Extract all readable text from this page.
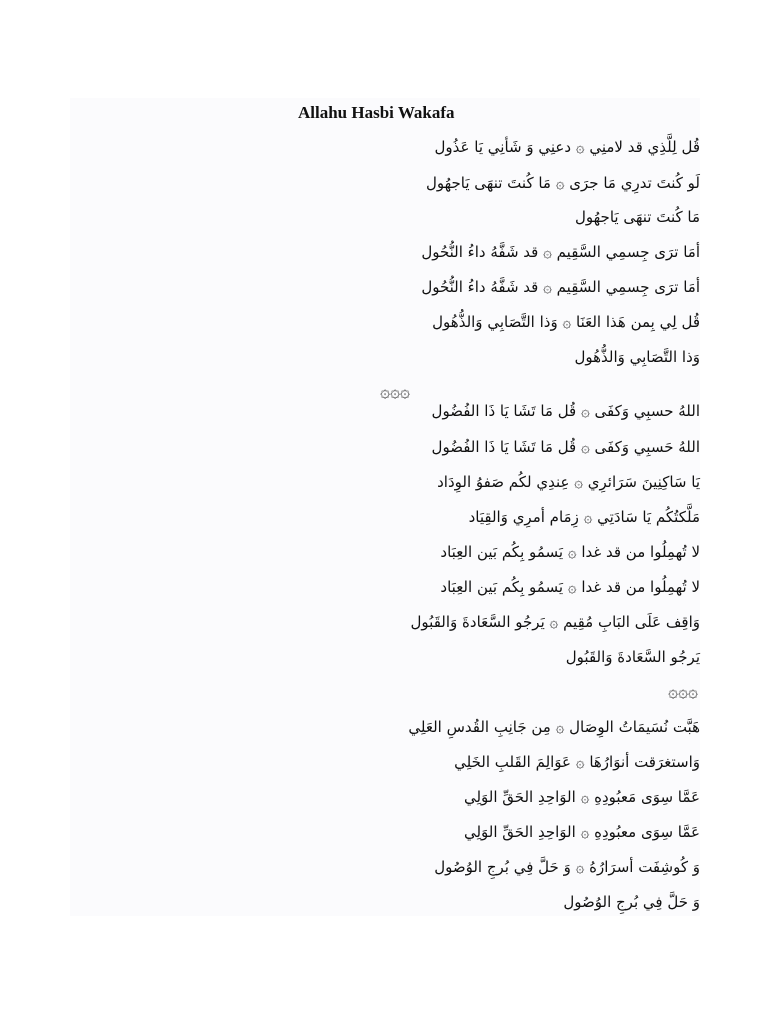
Allahu Hasbi Wakafa
قُل لِلَّذِي قد لامنِي ۞ دعنِي وَ شَأنِي يَا عَذُول
لَو كُنتَ تدرِي مَا جرَى ۞ مَا كُنتَ تنهَى يَاجهُول
مَا كُنتَ تنهَى يَاجهُول
أمَا ترَى جِسمِي السَّقِيم ۞ قد شَفَّهُ داءُ النُّحُول
أمَا ترَى جِسمِي السَّقِيم ۞ قد شَفَّهُ داءُ النُّحُول
قُل لِي بِمن هَذا العَنَا ۞ وَذا التَّصَابِي وَالذُّهُول
وَذا التَّصَابِي وَالذُّهُول
۞۞۞
اللهُ حسبِي وَكفَى ۞ قُل مَا تَشَا يَا ذَا الفُضُول
اللهُ حَسبِي وَكفَى ۞ قُل مَا تَشَا يَا ذَا الفُضُول
يَا سَاكِنِينَ سَرَائرِي ۞ عِندِي لكُم صَفوُ الوِدَاد
مَلَّكتُكُم يَا سَادَتِي ۞ زِمَام أمرِي وَالقِيَاد
لا تُهمِلُوا من قد غدا ۞ يَسمُو بِكُم بَين العِبَاد
لا تُهمِلُوا من قد غدا ۞ يَسمُو بِكُم بَين العِبَاد
وَاقِف عَلَى البَابِ مُقِيم ۞ يَرجُو السَّعَادةَ وَالقَبُول
يَرجُو السَّعَادةَ وَالقَبُول
۞۞۞
هَبَّت نُسَيمَاتُ الوِصَال ۞ مِن جَانِبِ القُدسِ العَلِي
وَاستغرَقت أنوَارُهَا ۞ عَوَالِمَ القَلبِ الخَلِي
عَمَّا سِوَى مَعبُودِهِ ۞ الوَاحِدِ الحَقِّ الوَلِي
عَمَّا سِوَى معبُودِهِ ۞ الوَاحِدِ الحَقِّ الوَلِي
وَ كُوشِفَت أسرَارُهُ ۞ وَ حَلَّ فِي بُرجِ الوُصُول
وَ حَلَّ فِي بُرجِ الوُصُول
